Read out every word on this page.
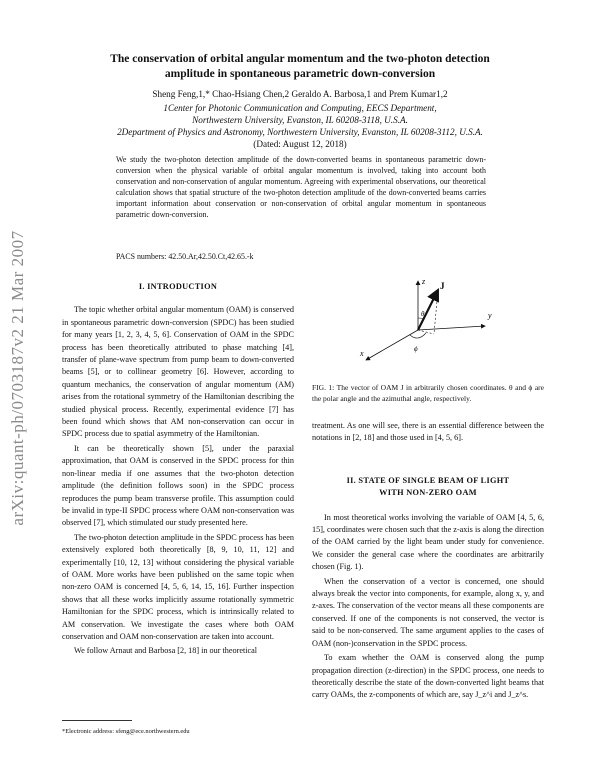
arXiv:quant-ph/0703187v2 21 Mar 2007
The conservation of orbital angular momentum and the two-photon detection
amplitude in spontaneous parametric down-conversion
Sheng Feng,1,* Chao-Hsiang Chen,2 Geraldo A. Barbosa,1 and Prem Kumar1,2
1Center for Photonic Communication and Computing, EECS Department,
Northwestern University, Evanston, IL 60208-3118, U.S.A.
2Department of Physics and Astronomy, Northwestern University, Evanston, IL 60208-3112, U.S.A.
(Dated: August 12, 2018)
We study the two-photon detection amplitude of the down-converted beams in spontaneous parametric down-conversion when the physical variable of orbital angular momentum is involved, taking into account both conservation and non-conservation of angular momentum. Agreeing with experimental observations, our theoretical calculation shows that spatial structure of the two-photon detection amplitude of the down-converted beams carries important information about conservation or non-conservation of orbital angular momentum in spontaneous parametric down-conversion.
PACS numbers: 42.50.Ar,42.50.Ct,42.65.-k
I. INTRODUCTION

The topic whether orbital angular momentum (OAM) is conserved in spontaneous parametric down-conversion (SPDC) has been studied for many years [1, 2, 3, 4, 5, 6]. Conservation of OAM in the SPDC process has been theoretically attributed to phase matching [4], transfer of plane-wave spectrum from pump beam to down-converted beams [5], or to collinear geometry [6]. However, according to quantum mechanics, the conservation of angular momentum (AM) arises from the rotational symmetry of the Hamiltonian describing the studied physical process. Recently, experimental evidence [7] has been found which shows that AM non-conservation can occur in SPDC process due to spatial asymmetry of the Hamiltonian.

It can be theoretically shown [5], under the paraxial approximation, that OAM is conserved in the SPDC process for thin non-linear media if one assumes that the two-photon detection amplitude (the definition follows soon) in the SPDC process reproduces the pump beam transverse profile. This assumption could be invalid in type-II SPDC process where OAM non-conservation was observed [7], which stimulated our study presented here.

The two-photon detection amplitude in the SPDC process has been extensively explored both theoretically [8, 9, 10, 11, 12] and experimentally [10, 12, 13] without considering the physical variable of OAM. More works have been published on the same topic when non-zero OAM is concerned [4, 5, 6, 14, 15, 16]. Further inspection shows that all these works implicitly assume rotationally symmetric Hamiltonian for the SPDC process, which is intrinsically related to AM conservation. We investigate the cases where both OAM conservation and OAM non-conservation are taken into account.

We follow Arnaut and Barbosa [2, 18] in our theoretical

z
y
x
J
θ
ϕ
FIG. 1: The vector of OAM J in arbitrarily chosen coordinates. θ and ϕ are the polar angle and the azimuthal angle, respectively.
treatment. As one will see, there is an essential difference between the notations in [2, 18] and those used in [4, 5, 6].
II. STATE OF SINGLE BEAM OF LIGHT
WITH NON-ZERO OAM

In most theoretical works involving the variable of OAM [4, 5, 6, 15], coordinates were chosen such that the z-axis is along the direction of the OAM carried by the light beam under study for convenience. We consider the general case where the coordinates are arbitrarily chosen (Fig. 1).

When the conservation of a vector is concerned, one should always break the vector into components, for example, along x, y, and z-axes. The conservation of the vector means all these components are conserved. If one of the components is not conserved, the vector is said to be non-conserved. The same argument applies to the cases of OAM (non-)conservation in the SPDC process.

To exam whether the OAM is conserved along the pump propagation direction (z-direction) in the SPDC process, one needs to theoretically describe the state of the down-converted light beams that carry OAMs, the z-components of which are, say J_z^i and J_z^s.

*Electronic address: sfeng@ece.northwestern.edu
